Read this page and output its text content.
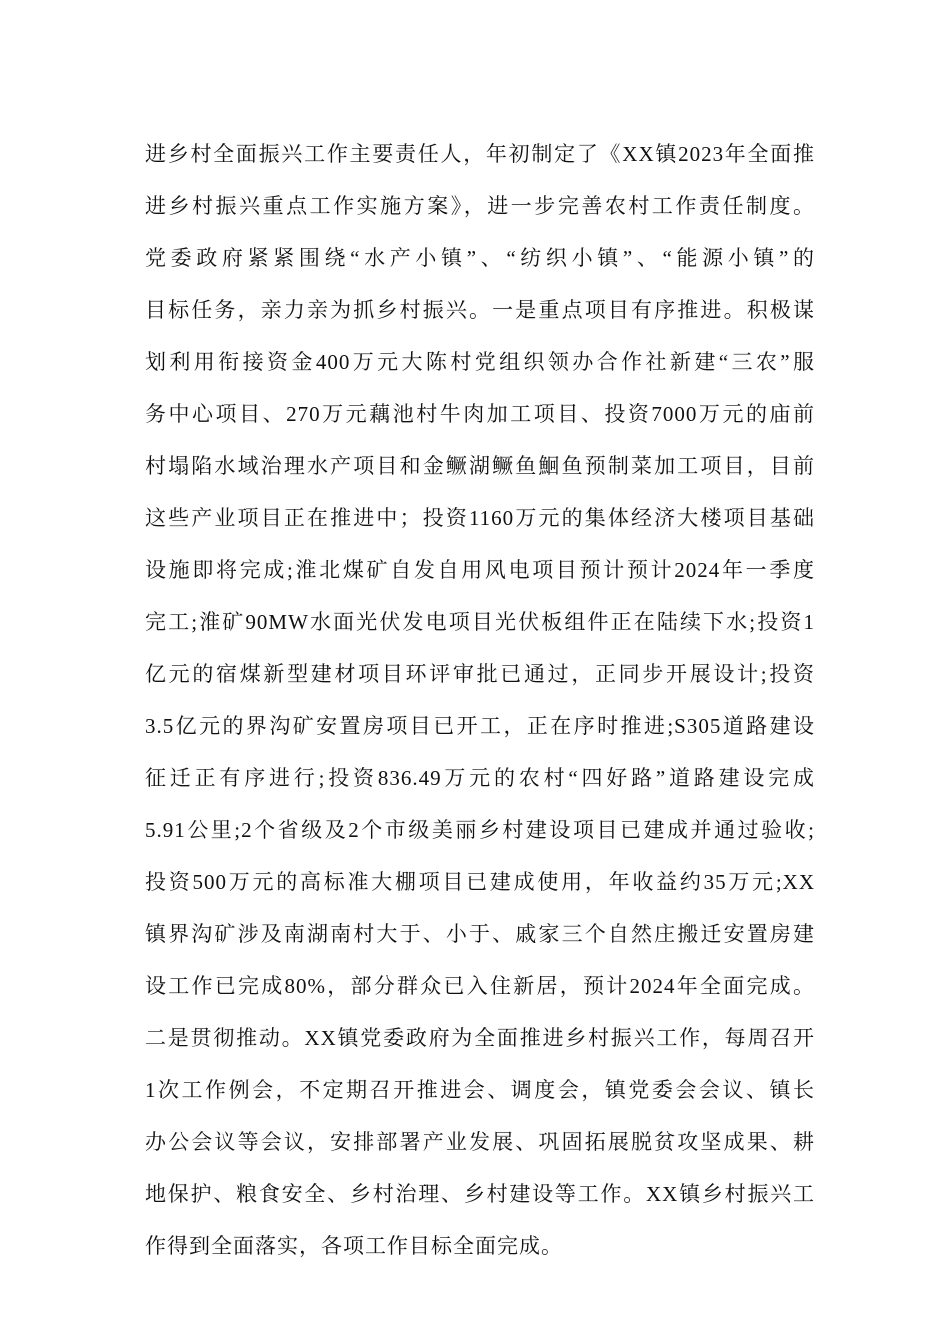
进乡村全面振兴工作主要责任人，年初制定了《XX镇2023年全面推
进乡村振兴重点工作实施方案》，进一步完善农村工作责任制度。
党委政府紧紧围绕“水产小镇”、“纺织小镇”、“能源小镇”的
目标任务，亲力亲为抓乡村振兴。一是重点项目有序推进。积极谋
划利用衔接资金400万元大陈村党组织领办合作社新建“三农”服
务中心项目、270万元藕池村牛肉加工项目、投资7000万元的庙前
村塌陷水域治理水产项目和金鳜湖鳜鱼鮰鱼预制菜加工项目，目前
这些产业项目正在推进中；投资1160万元的集体经济大楼项目基础
设施即将完成;淮北煤矿自发自用风电项目预计预计2024年一季度
完工;淮矿90MW水面光伏发电项目光伏板组件正在陆续下水;投资1
亿元的宿煤新型建材项目环评审批已通过，正同步开展设计;投资
3.5亿元的界沟矿安置房项目已开工，正在序时推进;S305道路建设
征迁正有序进行;投资836.49万元的农村“四好路”道路建设完成
5.91公里;2个省级及2个市级美丽乡村建设项目已建成并通过验收;
投资500万元的高标准大棚项目已建成使用，年收益约35万元;XX
镇界沟矿涉及南湖南村大于、小于、戚家三个自然庄搬迁安置房建
设工作已完成80%，部分群众已入住新居，预计2024年全面完成。
二是贯彻推动。XX镇党委政府为全面推进乡村振兴工作，每周召开
1次工作例会，不定期召开推进会、调度会，镇党委会会议、镇长
办公会议等会议，安排部署产业发展、巩固拓展脱贫攻坚成果、耕
地保护、粮食安全、乡村治理、乡村建设等工作。XX镇乡村振兴工
作得到全面落实，各项工作目标全面完成。
